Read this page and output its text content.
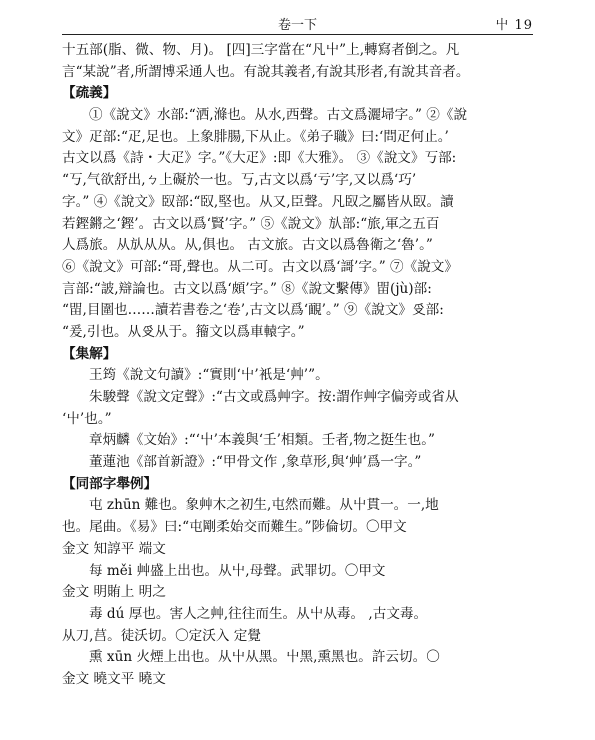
卷一下	屮 19
十五部(脂、微、物、月)。 [四]三字當在“凡屮”上,轉寫者倒之。凡
言“某說”者,所謂博采通人也。有說其義者,有說其形者,有說其音者。
【疏義】
①《說文》水部:“洒,滌也。从水,西聲。古文爲灑埽字。” ②《說
文》疋部:“疋,足也。上象腓腸,下从止。《弟子職》曰:‘問疋何止。’
古文以爲《詩・大疋》字。”《大疋》:即《大雅》。 ③《說文》丂部:
“丂,气欲舒出,ㄅ上礙於一也。丂,古文以爲‘亏’字,又以爲‘巧’
字。” ④《說文》臤部:“臤,堅也。从又,臣聲。凡臤之屬皆从臤。讀
若鏗鏘之‘鏗’。古文以爲‘賢’字。” ⑤《說文》㫃部:“旅,軍之五百
人爲旅。从㫃从从。从,俱也。 古文旅。古文以爲魯衛之‘魯’。”
⑥《說文》可部:“哥,聲也。从二可。古文以爲‘謌’字。” ⑦《說文》
言部:“詖,辯論也。古文以爲‘頗’字。” ⑧《說文繫傳》㽞(jù)部:
“㽞,目圍也……讀若書卷之‘卷’,古文以爲‘靦’。” ⑨《說文》𠬪部:
“爰,引也。从𠬪从于。籀文以爲車轅字。”
【集解】
王筠《說文句讀》:“實則‘屮’衹是‘艸’”。
朱駿聲《說文定聲》:“古文或爲艸字。按:謂作艸字偏旁或省从
‘屮’也。”
章炳麟《文始》:“‘屮’本義與‘壬’相類。壬者,物之挺生也。”
董蓮池《部首新證》:“甲骨文作 ,象草形,與‘艸’爲一字。”
【同部字舉例】
屯 zhūn 難也。象艸木之初生,屯然而難。从屮貫一。一,地
也。尾曲。《易》曰:“屯剛柔始交而難生。”陟倫切。〇甲文
金文 知諄平 端文
每 měi 艸盛上出也。从屮,母聲。武罪切。〇甲文
金文 明賄上 明之
毒 dú 厚也。害人之艸,往往而生。从屮从毒。 ,古文毒。
从刀,莒。徒沃切。〇定沃入 定覺
熏 xūn 火煙上出也。从屮从黑。屮黑,熏黑也。許云切。〇
金文 曉文平 曉文
